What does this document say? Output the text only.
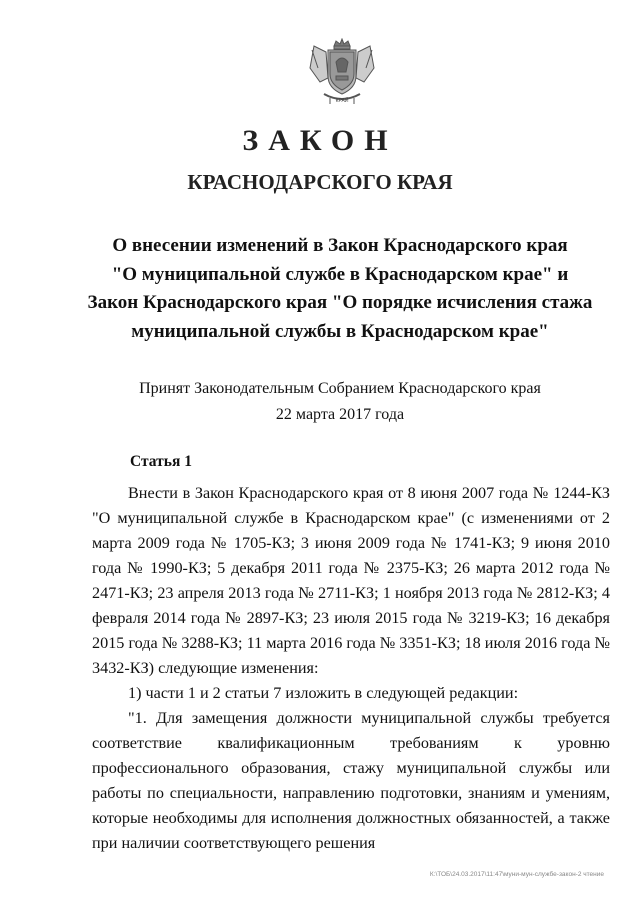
КРАЙ
ЗАКОН
КРАСНОДАРСКОГО КРАЯ
О внесении изменений в Закон Краснодарского края
"О муниципальной службе в Краснодарском крае" и
Закон Краснодарского края "О порядке исчисления стажа
муниципальной службы в Краснодарском крае"
Принят Законодательным Собранием Краснодарского края
22 марта 2017 года
Статья 1

Внести в Закон Краснодарского края от 8 июня 2007 года № 1244-КЗ "О муниципальной службе в Краснодарском крае" (с изменениями от 2 марта 2009 года № 1705-КЗ; 3 июня 2009 года № 1741-КЗ; 9 июня 2010 года № 1990-КЗ; 5 декабря 2011 года № 2375-КЗ; 26 марта 2012 года № 2471-КЗ; 23 апреля 2013 года № 2711-КЗ; 1 ноября 2013 года № 2812-КЗ; 4 февраля 2014 года № 2897-КЗ; 23 июля 2015 года № 3219-КЗ; 16 декабря 2015 года № 3288-КЗ; 11 марта 2016 года № 3351-КЗ; 18 июля 2016 года № 3432-КЗ) следующие изменения:

1) части 1 и 2 статьи 7 изложить в следующей редакции:

"1. Для замещения должности муниципальной службы требуется соответствие квалификационным требованиям к уровню профессионального образования, стажу муниципальной службы или работы по специальности, направлению подготовки, знаниям и умениям, которые необходимы для исполнения должностных обязанностей, а также при наличии соответствующего решения

К:\ТОБ\24.03.2017\11:47\муни-мун-службе-закон-2 чтение
